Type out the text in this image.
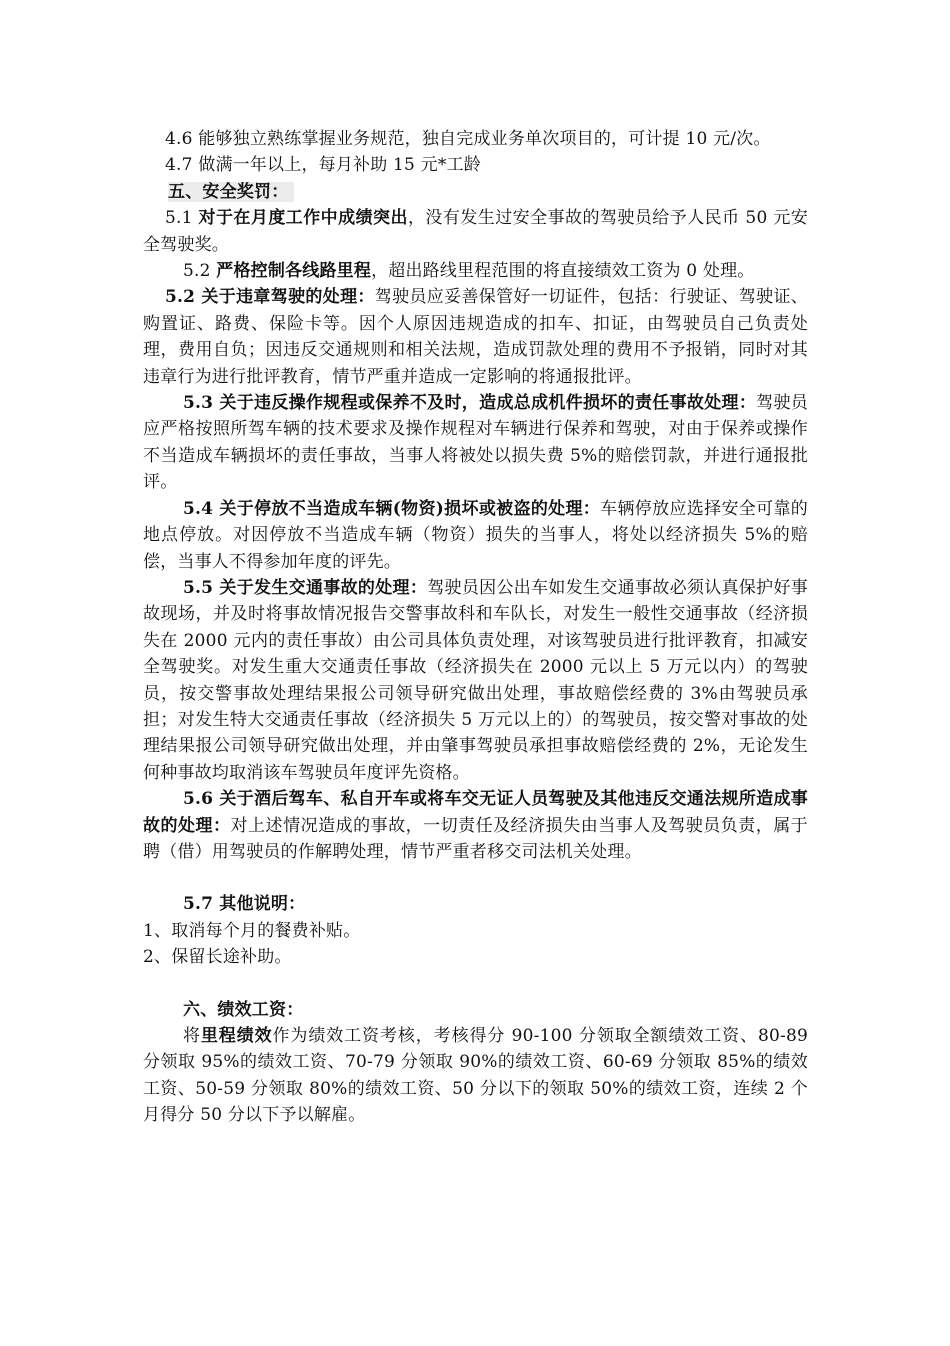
4.6 能够独立熟练掌握业务规范，独自完成业务单次项目的，可计提 10 元/次。

4.7 做满一年以上，每月补助 15 元*工龄

五、安全奖罚：

5.1 对于在月度工作中成绩突出，没有发生过安全事故的驾驶员给予人民币 50 元安全驾驶奖。

5.2 严格控制各线路里程，超出路线里程范围的将直接绩效工资为 0 处理。

5.2 关于违章驾驶的处理：驾驶员应妥善保管好一切证件，包括：行驶证、驾驶证、购置证、路费、保险卡等。因个人原因违规造成的扣车、扣证，由驾驶员自己负责处理，费用自负；因违反交通规则和相关法规，造成罚款处理的费用不予报销，同时对其违章行为进行批评教育，情节严重并造成一定影响的将通报批评。

5.3 关于违反操作规程或保养不及时，造成总成机件损坏的责任事故处理：驾驶员应严格按照所驾车辆的技术要求及操作规程对车辆进行保养和驾驶，对由于保养或操作不当造成车辆损坏的责任事故，当事人将被处以损失费 5%的赔偿罚款，并进行通报批评。

5.4 关于停放不当造成车辆(物资)损坏或被盗的处理：车辆停放应选择安全可靠的地点停放。对因停放不当造成车辆（物资）损失的当事人，将处以经济损失 5%的赔偿，当事人不得参加年度的评先。

5.5 关于发生交通事故的处理：驾驶员因公出车如发生交通事故必须认真保护好事故现场，并及时将事故情况报告交警事故科和车队长，对发生一般性交通事故（经济损失在 2000 元内的责任事故）由公司具体负责处理，对该驾驶员进行批评教育，扣减安全驾驶奖。对发生重大交通责任事故（经济损失在 2000 元以上 5 万元以内）的驾驶员，按交警事故处理结果报公司领导研究做出处理，事故赔偿经费的 3%由驾驶员承担；对发生特大交通责任事故（经济损失 5 万元以上的）的驾驶员，按交警对事故的处理结果报公司领导研究做出处理，并由肇事驾驶员承担事故赔偿经费的 2%，无论发生何种事故均取消该车驾驶员年度评先资格。

5.6 关于酒后驾车、私自开车或将车交无证人员驾驶及其他违反交通法规所造成事故的处理：对上述情况造成的事故，一切责任及经济损失由当事人及驾驶员负责，属于聘（借）用驾驶员的作解聘处理，情节严重者移交司法机关处理。

5.7 其他说明：

1、取消每个月的餐费补贴。

2、保留长途补助。

六、绩效工资：

将里程绩效作为绩效工资考核，考核得分 90-100 分领取全额绩效工资、80-89 分领取 95%的绩效工资、70-79 分领取 90%的绩效工资、60-69 分领取 85%的绩效工资、50-59 分领取 80%的绩效工资、50 分以下的领取 50%的绩效工资，连续 2 个月得分 50 分以下予以解雇。
